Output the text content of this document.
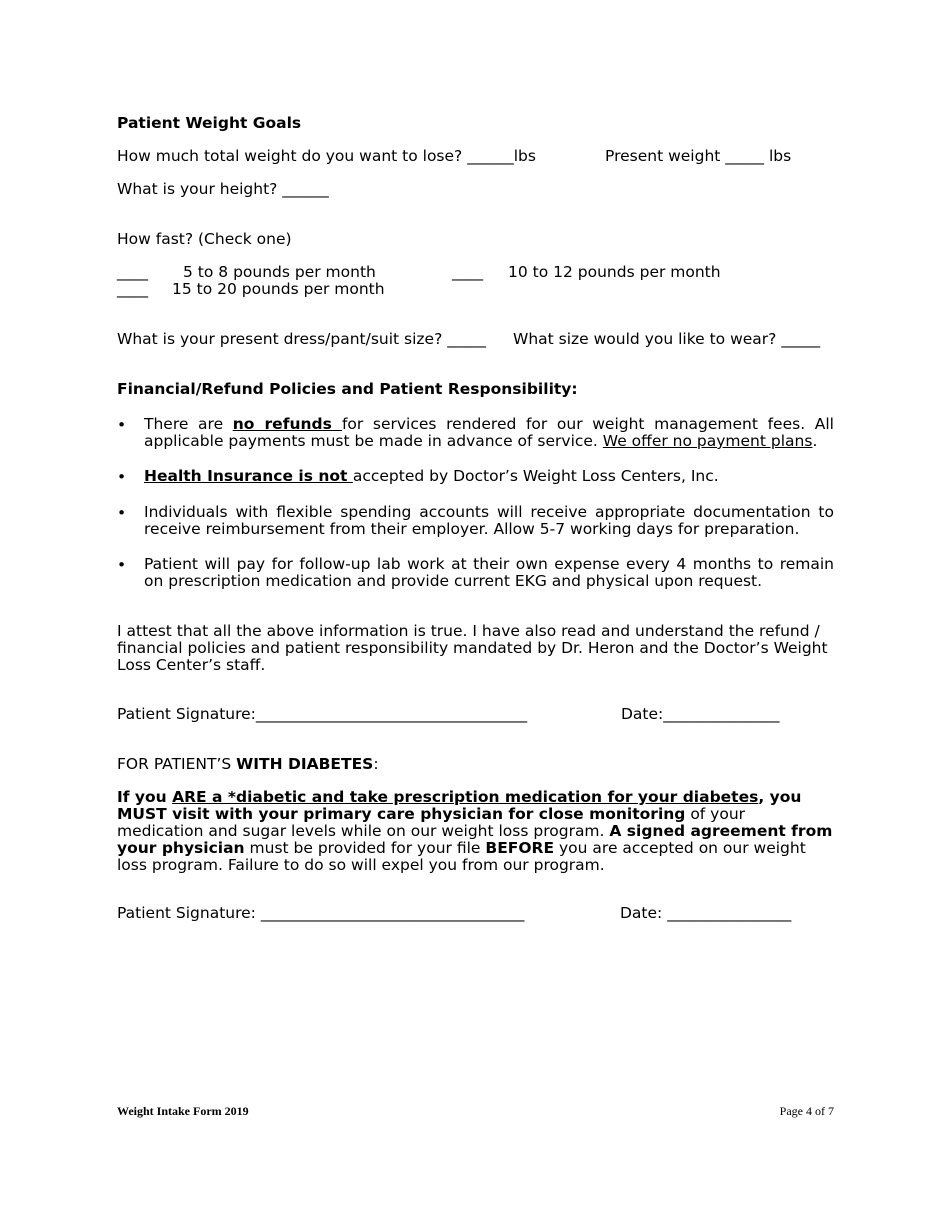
Patient Weight Goals
How much total weight do you want to lose? ______lbs	Present weight _____ lbs
What is your height? ______
How fast? (Check one)
____ 5 to 8 pounds per month	____ 10 to 12 pounds per month
____ 15 to 20 pounds per month
What is your present dress/pant/suit size? _____ What size would you like to wear? _____
Financial/Refund Policies and Patient Responsibility:
• There are no refunds for services rendered for our weight management fees. All applicable payments must be made in advance of service. We offer no payment plans.
• Health Insurance is not accepted by Doctor’s Weight Loss Centers, Inc.
• Individuals with flexible spending accounts will receive appropriate documentation to receive reimbursement from their employer. Allow 5-7 working days for preparation.
• Patient will pay for follow-up lab work at their own expense every 4 months to remain on prescription medication and provide current EKG and physical upon request.
I attest that all the above information is true. I have also read and understand the refund / financial policies and patient responsibility mandated by Dr. Heron and the Doctor’s Weight Loss Center’s staff.
Patient Signature:___________________________________	Date:_______________
FOR PATIENT’S WITH DIABETES:
If you ARE a *diabetic and take prescription medication for your diabetes, you MUST visit with your primary care physician for close monitoring of your medication and sugar levels while on our weight loss program. A signed agreement from your physician must be provided for your file BEFORE you are accepted on our weight loss program. Failure to do so will expel you from our program.
Patient Signature: __________________________________	Date: ________________
Weight Intake Form 2019	Page 4 of 7
